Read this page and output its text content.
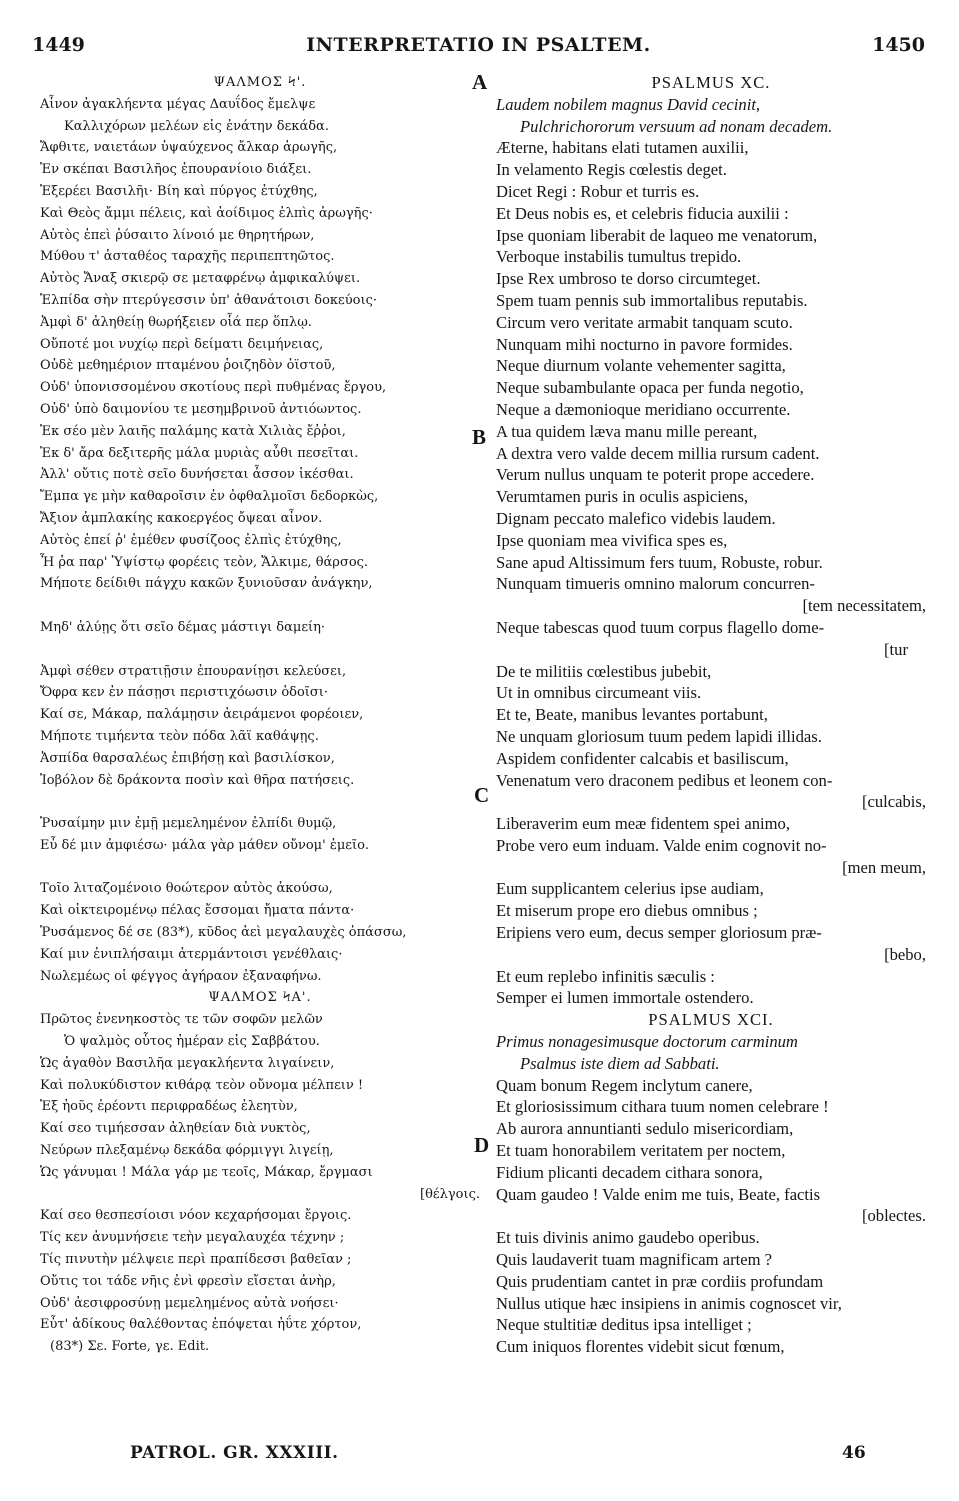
1449	INTERPRETATIO IN PSALTEM.	1450
A
B
C
D
ΨΑΛΜΟΣ Ϟ'.
Αἶνον ἀγακλήεντα μέγας Δαυΐδος ἔμελψε
Καλλιχόρων μελέων εἰς ἐνάτην δεκάδα.
Ἄφθιτε, ναιετάων ὑψαύχενος ἄλκαρ ἀρωγῆς,
Ἐν σκέπαι Βασιλῆος ἐπουρανίοιο διάξει.
Ἐξερέει Βασιλῆι· Βίη καὶ πύργος ἐτύχθης,
Καὶ Θεὸς ἄμμι πέλεις, καὶ ἀοίδιμος ἐλπὶς ἀρωγῆς·
Αὐτὸς ἐπεὶ ῥύσαιτο λίνοιό με θηρητήρων,
Μύθου τ' ἀσταθέος ταραχῆς περιπεπτηῶτος.
Αὐτὸς Ἄναξ σκιερῷ σε μεταφρένῳ ἀμφικαλύψει.
Ἐλπίδα σὴν πτερύγεσσιν ὑπ' ἀθανάτοισι δοκεύοις·
Ἀμφὶ δ' ἀληθείῃ θωρήξειεν οἷά περ ὅπλῳ.
Οὔποτέ μοι νυχίῳ περὶ δείματι δειμήνειας,
Οὐδὲ μεθημέριον πταμένου ῥοιζηδὸν ὀϊστοῦ,
Οὐδ' ὑπονισσομένου σκοτίους περὶ πυθμένας ἔργου,
Οὐδ' ὑπὸ δαιμονίου τε μεσημβρινοῦ ἀντιόωντος.
Ἐκ σέο μὲν λαιῆς παλάμης κατὰ Χιλιὰς ἔῤῥοι,
Ἐκ δ' ἄρα δεξιτερῆς μάλα μυριὰς αὖθι πεσεῖται.
Ἀλλ' οὔτις ποτὲ σεῖο δυνήσεται ἆσσον ἱκέσθαι.
Ἔμπα γε μὴν καθαροῖσιν ἐν ὀφθαλμοῖσι δεδορκὼς,
Ἄξιον ἀμπλακίης κακοεργέος ὄψεαι αἶνον.
Αὐτὸς ἐπεί ῥ' ἐμέθεν φυσίζοος ἐλπὶς ἐτύχθης,
Ἦ ῥα παρ' Ὑψίστῳ φορέεις τεὸν, Ἄλκιμε, θάρσος.
Μήποτε δείδιθι πάγχυ κακῶν ξυνιοῦσαν ἀνάγκην,
Μηδ' ἀλύῃς ὅτι σεῖο δέμας μάστιγι δαμείη·
Ἀμφὶ σέθεν στρατιῇσιν ἐπουρανίῃσι κελεύσει,
Ὄφρα κεν ἐν πάσῃσι περιστιχόωσιν ὁδοῖσι·
Καί σε, Μάκαρ, παλάμῃσιν ἀειράμενοι φορέοιεν,
Μήποτε τιμήεντα τεὸν πόδα λᾶϊ καθάψῃς.
Ἀσπίδα θαρσαλέως ἐπιβήσῃ καὶ βασιλίσκον,
Ἰοβόλον δὲ δράκοντα ποσὶν καὶ θῆρα πατήσεις.
Ῥυσαίμην μιν ἐμῇ μεμελημένον ἐλπίδι θυμῷ,
Εὖ δέ μιν ἀμφιέσω· μάλα γὰρ μάθεν οὔνομ' ἐμεῖο.
Τοῖο λιταζομένοιο θοώτερον αὐτὸς ἀκούσω,
Καὶ οἰκτειρομένῳ πέλας ἔσσομαι ἤματα πάντα·
Ῥυσάμενος δέ σε (83*), κῦδος ἀεὶ μεγαλαυχὲς ὀπάσσω,
Καί μιν ἐνιπλήσαιμι ἀτερμάντοισι γενέθλαις·
Νωλεμέως οἱ φέγγος ἀγήραον ἐξαναφήνω.
ΨΑΛΜΟΣ ϞΑ'.
Πρῶτος ἐνενηκοστὸς τε τῶν σοφῶν μελῶν
Ὁ ψαλμὸς οὗτος ἡμέραν εἰς Σαββάτου.
Ὡς ἀγαθὸν Βασιλῆα μεγακλήεντα λιγαίνειν,
Καὶ πολυκύδιστον κιθάρᾳ τεὸν οὔνομα μέλπειν !
Ἐξ ἠοῦς ἐρέοντι περιφραδέως ἐλεητὺν,
Καί σεο τιμήεσσαν ἀληθείαν διὰ νυκτὸς,
Νεύρων πλεξαμένῳ δεκάδα φόρμιγγι λιγείῃ,
Ὡς γάνυμαι ! Μάλα γάρ με τεοῖς, Μάκαρ, ἔργμασι
[θέλγοις.
Καί σεο θεσπεσίοισι νόον κεχαρήσομαι ἔργοις.
Τίς κεν ἀνυμνήσειε τεὴν μεγαλαυχέα τέχνην ;
Τίς πινυτὴν μέλψειε περὶ πραπίδεσσι βαθεῖαν ;
Οὔτις τοι τάδε νῆις ἐνὶ φρεσὶν εἴσεται ἀνὴρ,
Οὐδ' ἀεσιφροσύνῃ μεμελημένος αὐτὰ νοήσει·
Εὖτ' ἀδίκους θαλέθοντας ἐπόψεται ἠΰτε χόρτον,
(83*) Σε. Forte, γε. Edit.
PSALMUS XC.
Laudem nobilem magnus David cecinit,
Pulchrichororum versuum ad nonam decadem.
Æterne, habitans elati tutamen auxilii,
In velamento Regis cœlestis deget.
Dicet Regi : Robur et turris es.
Et Deus nobis es, et celebris fiducia auxilii :
Ipse quoniam liberabit de laqueo me venatorum,
Verboque instabilis tumultus trepido.
Ipse Rex umbroso te dorso circumteget.
Spem tuam pennis sub immortalibus reputabis.
Circum vero veritate armabit tanquam scuto.
Nunquam mihi nocturno in pavore formides.
Neque diurnum volante vehementer sagitta,
Neque subambulante opaca per funda negotio,
Neque a dæmonioque meridiano occurrente.
A tua quidem læva manu mille pereant,
A dextra vero valde decem millia rursum cadent.
Verum nullus unquam te poterit prope accedere.
Verumtamen puris in oculis aspiciens,
Dignam peccato malefico videbis laudem.
Ipse quoniam mea vivifica spes es,
Sane apud Altissimum fers tuum, Robuste, robur.
Nunquam timueris omnino malorum concurren-
[tem necessitatem,
Neque tabescas quod tuum corpus flagello dome-
[tur
De te militiis cœlestibus jubebit,
Ut in omnibus circumeant viis.
Et te, Beate, manibus levantes portabunt,
Ne unquam gloriosum tuum pedem lapidi illidas.
Aspidem confidenter calcabis et basiliscum,
Venenatum vero draconem pedibus et leonem con-
[culcabis,
Liberaverim eum meæ fidentem spei animo,
Probe vero eum induam. Valde enim cognovit no-
[men meum,
Eum supplicantem celerius ipse audiam,
Et miserum prope ero diebus omnibus ;
Eripiens vero eum, decus semper gloriosum præ-
[bebo,
Et eum replebo infinitis sæculis :
Semper ei lumen immortale ostendero.
PSALMUS XCI.
Primus nonagesimusque doctorum carminum
Psalmus iste diem ad Sabbati.
Quam bonum Regem inclytum canere,
Et gloriosissimum cithara tuum nomen celebrare !
Ab aurora annuntianti sedulo misericordiam,
Et tuam honorabilem veritatem per noctem,
Fidium plicanti decadem cithara sonora,
Quam gaudeo ! Valde enim me tuis, Beate, factis
[oblectes.
Et tuis divinis animo gaudebo operibus.
Quis laudaverit tuam magnificam artem ?
Quis prudentiam cantet in præ cordiis profundam
Nullus utique hæc insipiens in animis cognoscet vir,
Neque stultitiæ deditus ipsa intelliget ;
Cum iniquos florentes videbit sicut fœnum,
PATROL. GR. XXXIII.	46
